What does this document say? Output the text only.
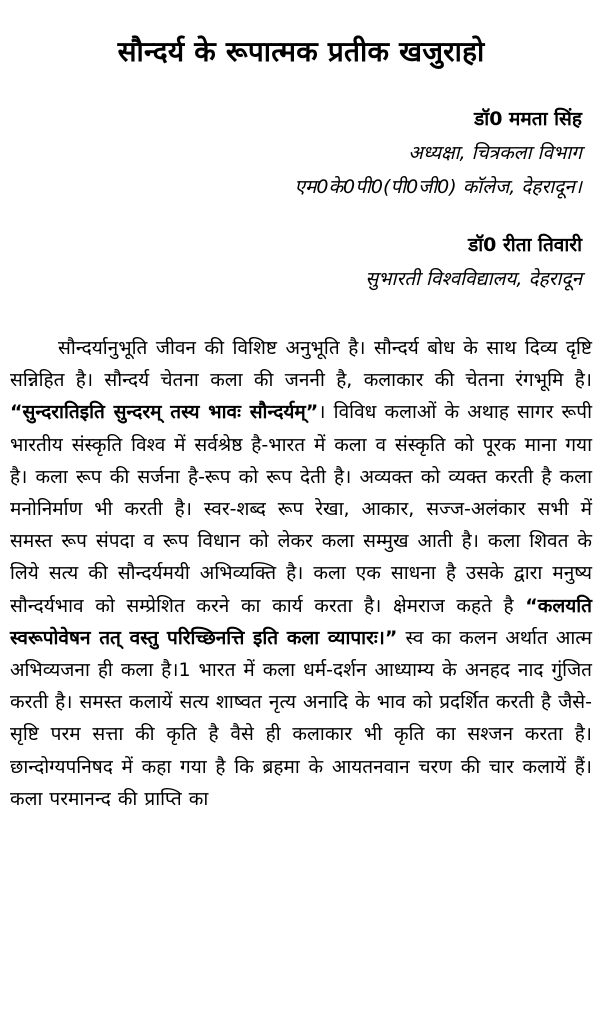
सौन्दर्य के रूपात्मक प्रतीक खजुराहो
डॉ0 ममता सिंह
अध्यक्षा, चित्रकला विभाग
एम0के0पी0(पी0जी0) कॉलेज, देहरादून।
डॉ0 रीता तिवारी
सुभारती विश्वविद्यालय, देहरादून

सौन्दर्यानुभूति जीवन की विशिष्ट अनुभूति है। सौन्दर्य बोध के साथ दिव्य दृष्टि सन्निहित है। सौन्दर्य चेतना कला की जननी है, कलाकार की चेतना रंगभूमि है। “सुन्दरातिइति सुन्दरम् तस्य भावः सौन्दर्यम्”। विविध कलाओं के अथाह सागर रूपी भारतीय संस्कृति विश्व में सर्वश्रेष्ठ है-भारत में कला व संस्कृति को पूरक माना गया है। कला रूप की सर्जना है-रूप को रूप देती है। अव्यक्त को व्यक्त करती है कला मनोनिर्माण भी करती है। स्वर-शब्द रूप रेखा, आकार, सज्ज-अलंकार सभी में समस्त रूप संपदा व रूप विधान को लेकर कला सम्मुख आती है। कला शिवत के लिये सत्य की सौन्दर्यमयी अभिव्यक्ति है। कला एक साधना है उसके द्वारा मनुष्य सौन्दर्यभाव को सम्प्रेशित करने का कार्य करता है। क्षेमराज कहते है “कलयति स्वरूपोवेषन तत् वस्तु परिच्छिनत्ति इति कला व्यापारः।” स्व का कलन अर्थात आत्म अभिव्यजना ही कला है।1 भारत में कला धर्म-दर्शन आध्याम्य के अनहद नाद गुंजित करती है। समस्त कलायें सत्य शाष्वत नृत्य अनादि के भाव को प्रदर्शित करती है जैसे-सृष्टि परम सत्ता की कृति है वैसे ही कलाकार भी कृति का सश्जन करता है। छान्दोग्यपनिषद में कहा गया है कि ब्रहमा के आयतनवान चरण की चार कलायें हैं। कला परमानन्द की प्राप्ति का
